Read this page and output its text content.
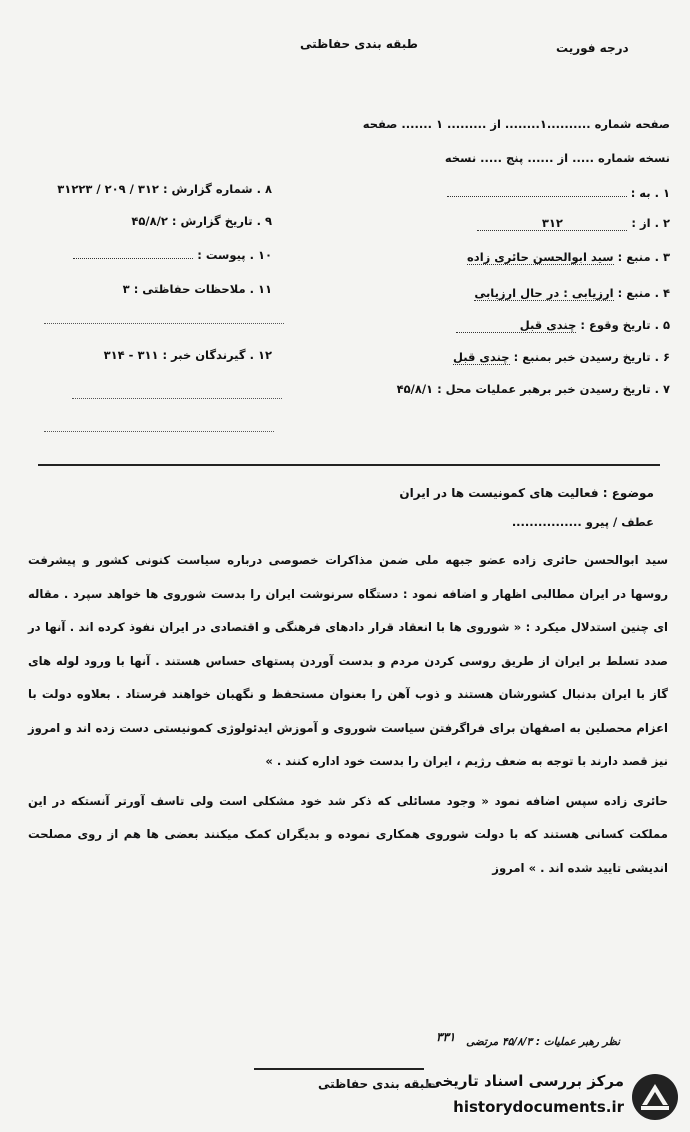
طبقه بندی حفاظتی	درجه فوریت
صفحه شماره ..........۱........ از ......... ۱ ....... صفحه
نسخه شماره ..... از ...... پنج ..... نسخه
۱ . به :
۲ . از : ۳۱۲
۳ . منبع : سید ابوالحسن حائری زاده
۴ . منبع : ارزیابی : در حال ارزیابی
۵ . تاریخ وقوع : چندی قبل
۶ . تاریخ رسیدن خبر بمنبع : چندی قبل
۷ . تاریخ رسیدن خبر برهبر عملیات محل : ۴۵/۸/۱
۸ . شماره گزارش : ۳۱۲ / ۲۰۹ / ۳۱۲۲۳
۹ . تاریخ گزارش : ۴۵/۸/۲
۱۰ . پیوست :
۱۱ . ملاحظات حفاظتی : ۳
۱۲ . گیرندگان خبر : ۳۱۱ - ۳۱۴
موضوع : فعالیت های کمونیست ها در ایران
عطف / پیرو ................

سید ابوالحسن حائری زاده عضو جبهه ملی ضمن مذاکرات خصوصی درباره سیاست کنونی کشور و پیشرفت روسها در ایران مطالبی اظهار و اضافه نمود : دستگاه سرنوشت ایران را بدست شوروی ها خواهد سپرد . مقاله ای چنین استدلال میکرد : « شوروی ها با انعقاد قرار دادهای فرهنگی و اقتصادی در ایران نفوذ کرده اند . آنها در صدد تسلط بر ایران از طریق روسی کردن مردم و بدست آوردن پستهای حساس هستند . آنها با ورود لوله های گاز با ایران بدنبال کشورشان هستند و ذوب آهن را بعنوان مستحفظ و نگهبان خواهند فرستاد . بعلاوه دولت با اعزام محصلین به اصفهان برای فراگرفتن سیاست شوروی و آموزش ایدئولوژی کمونیستی دست زده اند و امروز نیز قصد دارند با توجه به ضعف رژیم ، ایران را بدست خود اداره کنند . »

حائری زاده سپس اضافه نمود « وجود مسائلی که ذکر شد خود مشکلی است ولی تاسف آورتر آنستکه در این مملکت کسانی هستند که با دولت شوروی همکاری نموده و بدیگران کمک میکنند بعضی ها هم از روی مصلحت اندیشی تایید شده اند . » امروز

نظر رهبر عملیات : ۴۵/۸/۳ مرتضی
۳۳۱
طبقه بندی حفاظتی
مرکز بررسی اسناد تاریخی
historydocuments.ir
